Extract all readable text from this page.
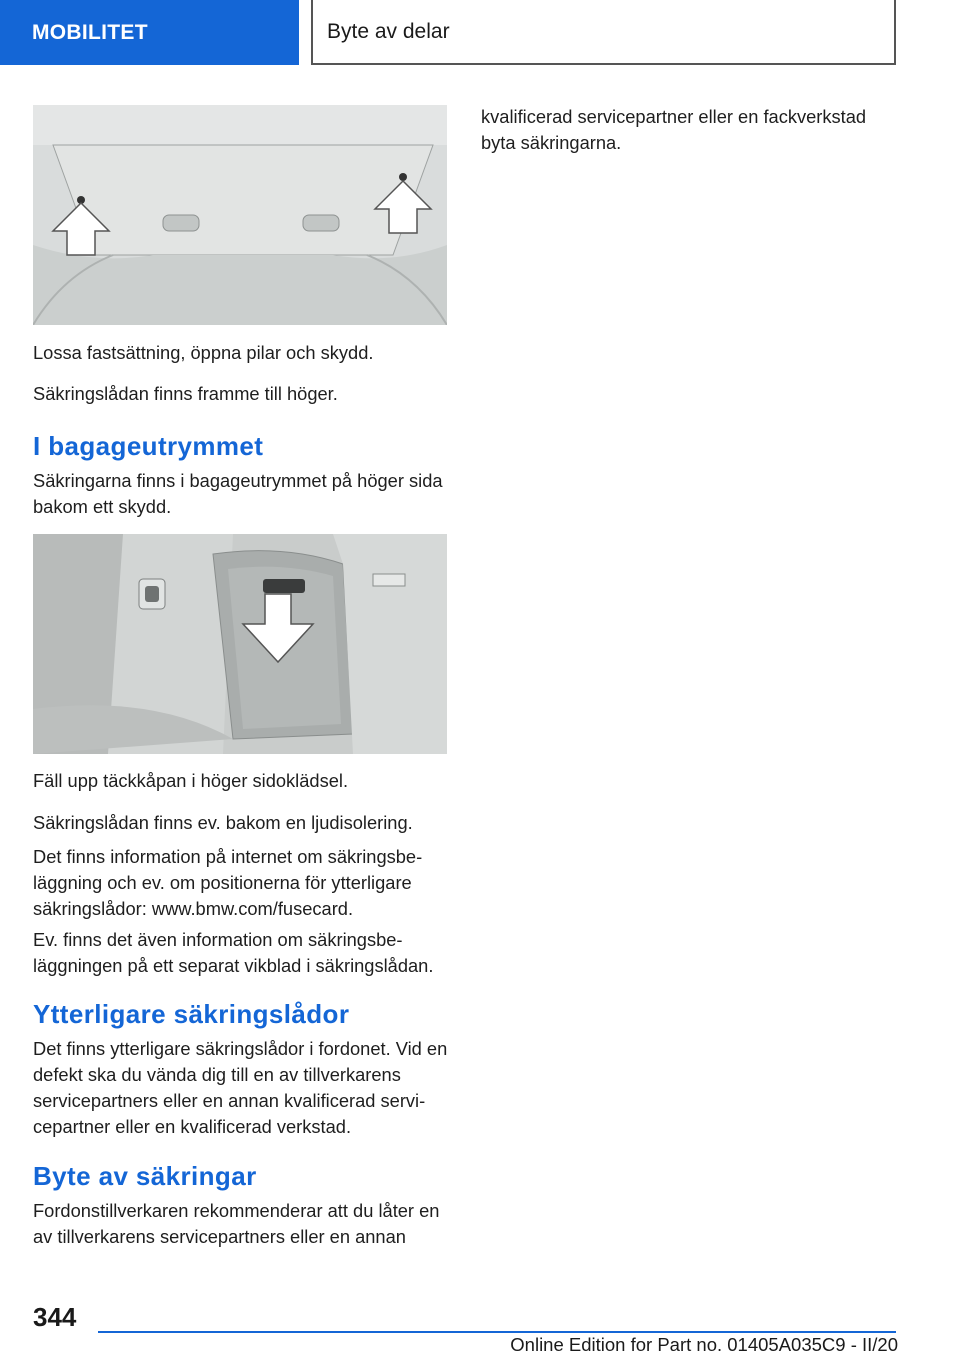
MOBILITET	Byte av delar

Lossa fastsättning, öppna pilar och skydd.

Säkringslådan finns framme till höger.

I bagageutrymmet

Säkringarna finns i bagageutrymmet på höger sida bakom ett skydd.

Fäll upp täckkåpan i höger sidoklädsel.

Säkringslådan finns ev. bakom en ljudisolering.

Det finns information på internet om säkringsbe- läggning och ev. om positionerna för ytterligare säkringslådor: www.bmw.com/fusecard.

Ev. finns det även information om säkringsbe- läggningen på ett separat vikblad i säkringslådan.

Ytterligare säkringslådor

Det finns ytterligare säkringslådor i fordonet. Vid en defekt ska du vända dig till en av tillverkarens servicepartners eller en annan kvalificerad servi- cepartner eller en kvalificerad verkstad.

Byte av säkringar

Fordonstillverkaren rekommenderar att du låter en av tillverkarens servicepartners eller en annan

kvalificerad servicepartner eller en fackverkstad byta säkringarna.

344
Online Edition for Part no. 01405A035C9 - II/20
